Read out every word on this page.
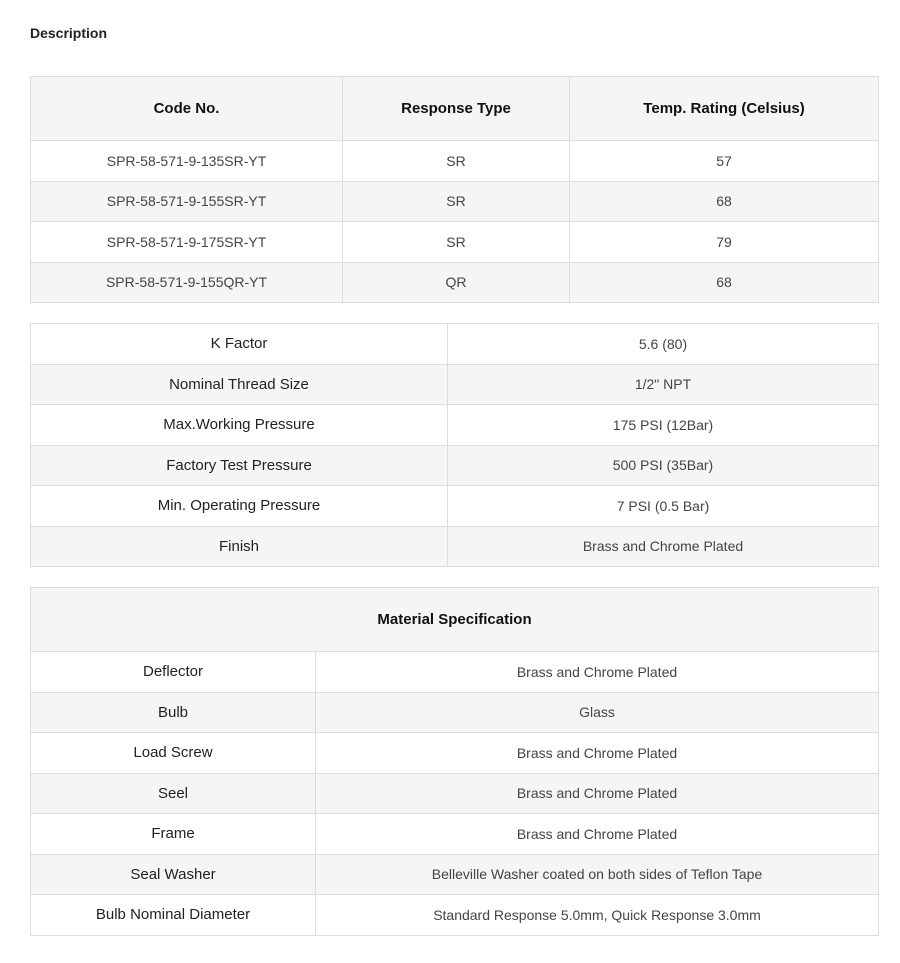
Description
Code No.	Response Type	Temp. Rating (Celsius)
SPR-58-571-9-135SR-YT	SR	57
SPR-58-571-9-155SR-YT	SR	68
SPR-58-571-9-175SR-YT	SR	79
SPR-58-571-9-155QR-YT	QR	68
K Factor	5.6 (80)
Nominal Thread Size	1/2" NPT
Max.Working Pressure	175 PSI (12Bar)
Factory Test Pressure	500 PSI (35Bar)
Min. Operating Pressure	7 PSI (0.5 Bar)
Finish	Brass and Chrome Plated
Material Specification	
Deflector	Brass and Chrome Plated
Bulb	Glass
Load Screw	Brass and Chrome Plated
Seel	Brass and Chrome Plated
Frame	Brass and Chrome Plated
Seal Washer	Belleville Washer coated on both sides of Teflon Tape
Bulb Nominal Diameter	Standard Response 5.0mm, Quick Response 3.0mm
